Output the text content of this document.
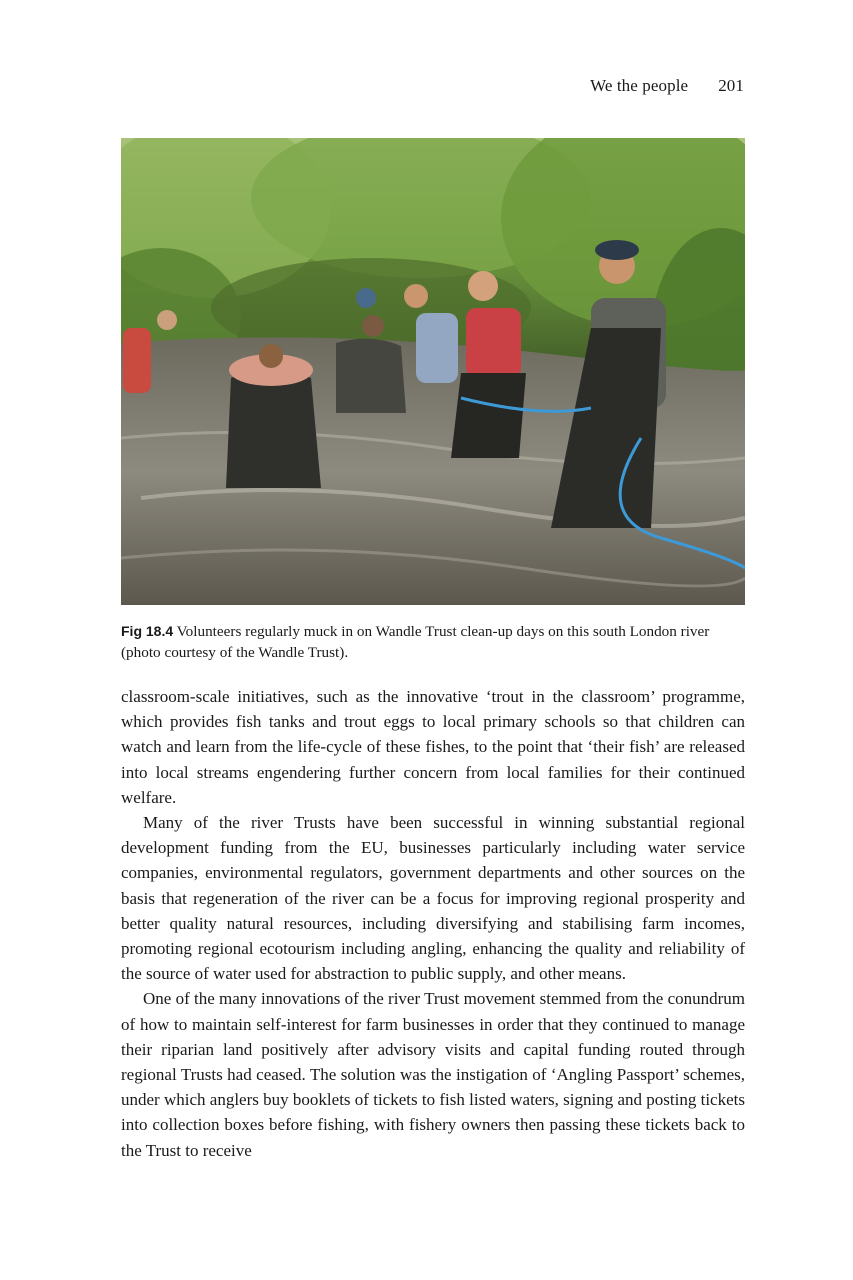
We the people 201
Fig 18.4 Volunteers regularly muck in on Wandle Trust clean-up days on this south London river (photo courtesy of the Wandle Trust).

classroom-scale initiatives, such as the innovative ‘trout in the classroom’ programme, which provides fish tanks and trout eggs to local primary schools so that children can watch and learn from the life-cycle of these fishes, to the point that ‘their fish’ are released into local streams engendering further concern from local families for their continued welfare.

Many of the river Trusts have been successful in winning substantial regional development funding from the EU, businesses particularly including water service companies, environmental regulators, government departments and other sources on the basis that regeneration of the river can be a focus for improving regional prosperity and better quality natural resources, including diversifying and stabilising farm incomes, promoting regional ecotourism including angling, enhancing the quality and reliability of the source of water used for abstraction to public supply, and other means.

One of the many innovations of the river Trust movement stemmed from the conundrum of how to maintain self-interest for farm businesses in order that they continued to manage their riparian land positively after advisory visits and capital funding routed through regional Trusts had ceased. The solution was the instigation of ‘Angling Passport’ schemes, under which anglers buy booklets of tickets to fish listed waters, signing and posting tickets into collection boxes before fishing, with fishery owners then passing these tickets back to the Trust to receive
